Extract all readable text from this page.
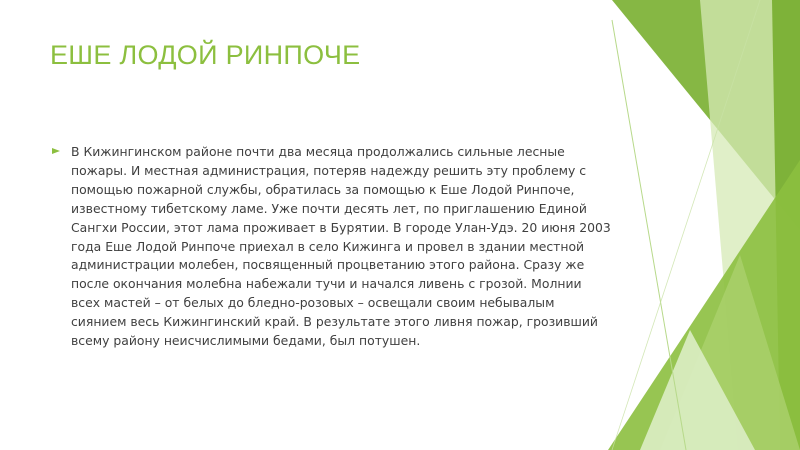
ЕШЕ ЛОДОЙ РИНПОЧЕ

В Кижингинском районе почти два месяца продолжались сильные лесные пожары. И местная администрация, потеряв надежду решить эту проблему с помощью пожарной службы, обратилась за помощью к Еше Лодой Ринпоче, известному тибетскому ламе. Уже почти десять лет, по приглашению Единой Сангхи России, этот лама проживает в Бурятии. В городе Улан-Удэ. 20 июня 2003 года Еше Лодой Ринпоче приехал в село Кижинга и провел в здании местной администрации молебен, посвященный процветанию этого района. Сразу же после окончания молебна набежали тучи и начался ливень с грозой. Молнии всех мастей – от белых до бледно-розовых – освещали своим небывалым сиянием весь Кижингинский край. В результате этого ливня пожар, грозивший всему району неисчислимыми бедами, был потушен.
